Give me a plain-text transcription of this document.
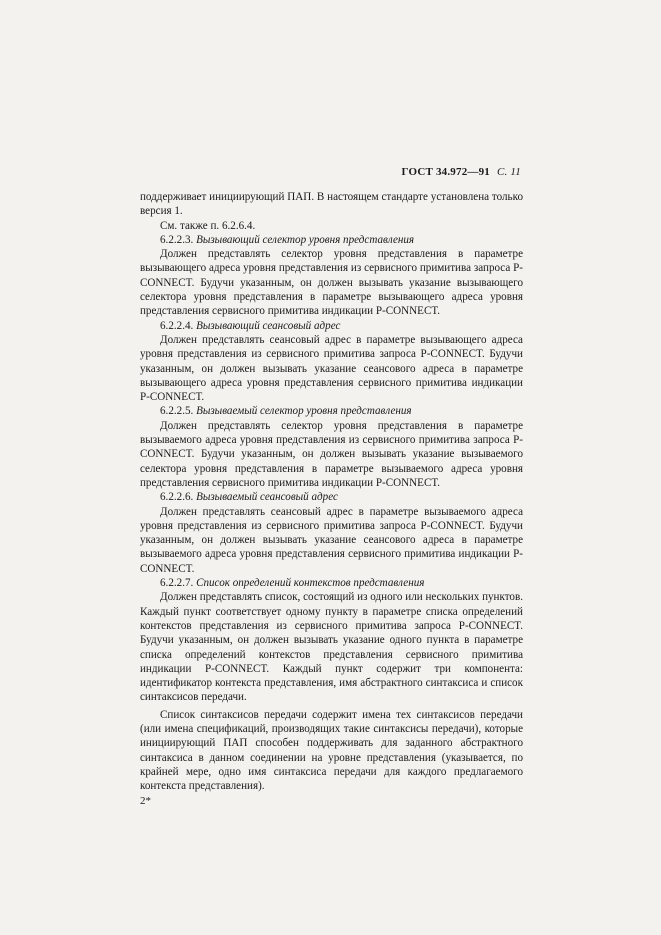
ГОСТ 34.972—91 С. 11

поддерживает инициирующий ПАП. В настоящем стандарте установлена только версия 1.

См. также п. 6.2.6.4.

6.2.2.3. Вызывающий селектор уровня представления

Должен представлять селектор уровня представления в параметре вызывающего адреса уровня представления из сервисного примитива запроса P-CONNECT. Будучи указанным, он должен вызывать указание вызывающего селектора уровня представления в параметре вызывающего адреса уровня представления сервисного примитива индикации P-CONNECT.

6.2.2.4. Вызывающий сеансовый адрес

Должен представлять сеансовый адрес в параметре вызывающего адреса уровня представления из сервисного примитива запроса P-CONNECT. Будучи указанным, он должен вызывать указание сеансового адреса в параметре вызывающего адреса уровня представления сервисного примитива индикации P-CONNECT.

6.2.2.5. Вызываемый селектор уровня представления

Должен представлять селектор уровня представления в параметре вызываемого адреса уровня представления из сервисного примитива запроса P-CONNECT. Будучи указанным, он должен вызывать указание вызываемого селектора уровня представления в параметре вызываемого адреса уровня представления сервисного примитива индикации P-CONNECT.

6.2.2.6. Вызываемый сеансовый адрес

Должен представлять сеансовый адрес в параметре вызываемого адреса уровня представления из сервисного примитива запроса P-CONNECT. Будучи указанным, он должен вызывать указание сеансового адреса в параметре вызываемого адреса уровня представления сервисного примитива индикации P-CONNECT.

6.2.2.7. Список определений контекстов представления

Должен представлять список, состоящий из одного или нескольких пунктов. Каждый пункт соответствует одному пункту в параметре списка определений контекстов представления из сервисного примитива запроса P-CONNECT. Будучи указанным, он должен вызывать указание одного пункта в параметре списка определений контекстов представления сервисного примитива индикации P-CONNECT. Каждый пункт содержит три компонента: идентификатор контекста представления, имя абстрактного синтаксиса и список синтаксисов передачи.

Список синтаксисов передачи содержит имена тех синтаксисов передачи (или имена спецификаций, производящих такие синтаксисы передачи), которые инициирующий ПАП способен поддерживать для заданного абстрактного синтаксиса в данном соединении на уровне представления (указывается, по крайней мере, одно имя синтаксиса передачи для каждого предлагаемого контекста представления).

2*
